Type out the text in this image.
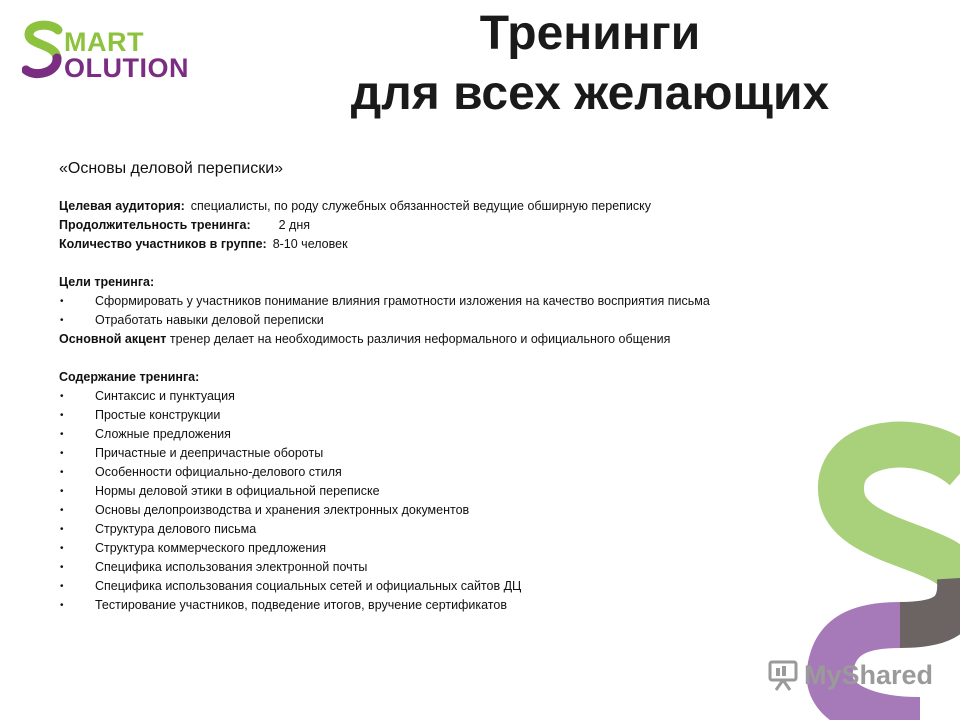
MART
OLUTION
Тренинги
для всех желающих
«Основы деловой переписки»
Целевая аудитория: специалисты, по роду служебных обязанностей ведущие обширную переписку
Продолжительность тренинга: 2 дня
Количество участников в группе: 8-10 человек
Цели тренинга:
•	Сформировать у участников понимание влияния грамотности изложения на качество восприятия письма
•	Отработать навыки деловой переписки
Основной акцент тренер делает на необходимость различия неформального и официального общения
Содержание тренинга:
•	Синтаксис и пунктуация
•	Простые конструкции
•	Сложные предложения
•	Причастные и деепричастные обороты
•	Особенности официально-делового стиля
•	Нормы деловой этики в официальной переписке
•	Основы делопроизводства и хранения электронных документов
•	Структура делового письма
•	Структура коммерческого предложения
•	Специфика использования электронной почты
•	Специфика использования социальных сетей и официальных сайтов ДЦ
•	Тестирование участников, подведение итогов, вручение сертификатов
MyShared
